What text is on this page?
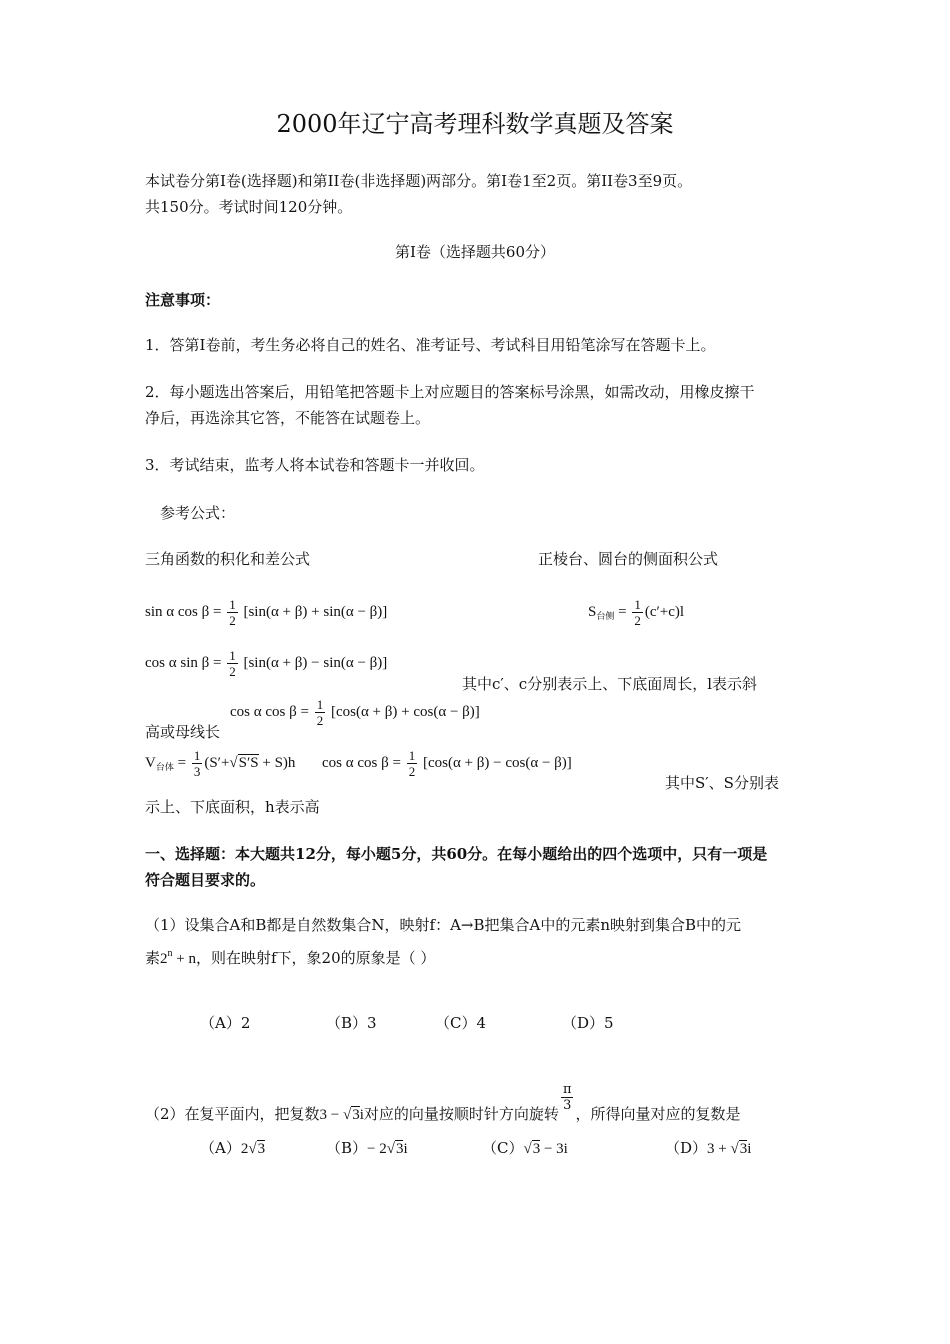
2000年辽宁高考理科数学真题及答案
本试卷分第Ⅰ卷(选择题)和第ⅠⅠ卷(非选择题)两部分。第Ⅰ卷1至2页。第ⅠⅠ卷3至9页。
共150分。考试时间120分钟。
第Ⅰ卷（选择题共60分）
注意事项：
1．答第Ⅰ卷前，考生务必将自己的姓名、准考证号、考试科目用铅笔涂写在答题卡上。
2．每小题选出答案后，用铅笔把答题卡上对应题目的答案标号涂黑，如需改动，用橡皮擦干
净后，再选涂其它答，不能答在试题卷上。
3．考试结束，监考人将本试卷和答题卡一并收回。
参考公式：
三角函数的积化和差公式	正棱台、圆台的侧面积公式
sin α $\cos \beta = \frac{1}{2} [\sin(\alpha + \beta) + \sin(\alpha - \beta)]$	$S_{台侧} = \frac{1}{2} (c'+c)l$
cos α $\sin \beta = \frac{1}{2} [\sin(\alpha + \beta) - \sin(\alpha - \beta)]$
其中c′、c分别表示上、下底面周长，l表示斜
cos α $\cos \beta = \frac{1}{2} [\cos(\alpha + \beta) + \cos(\alpha - \beta)]$
高或母线长
$V_{台体} = \frac{1}{3} (S'+√S'S + S)h$ cos α $\cos \beta = \frac{1}{2} [\cos(\alpha + \beta) - \cos(\alpha - \beta)]$
其中S′、S分别表
示上、下底面积，h表示高
一、选择题：本大题共12分，每小题5分，共60分。在每小题给出的四个选项中，只有一项是
符合题目要求的。
（1）设集合A和B都是自然数集合N，映射f：A→B把集合A中的元素n映射到集合B中的元
素$2^n + n$，则在映射f下，象20的原象是（ ）
（A）2	（B）3	（C）4	（D）5
（2）在复平面内，把复数3 − √3i对应的向量按顺时针方向旋转
$\frac{\pi}{3}$
，所得向量对应的复数是
（A）2√3	（B）− 2√3i	（C）√3 − 3i	（D）3 + √3i
